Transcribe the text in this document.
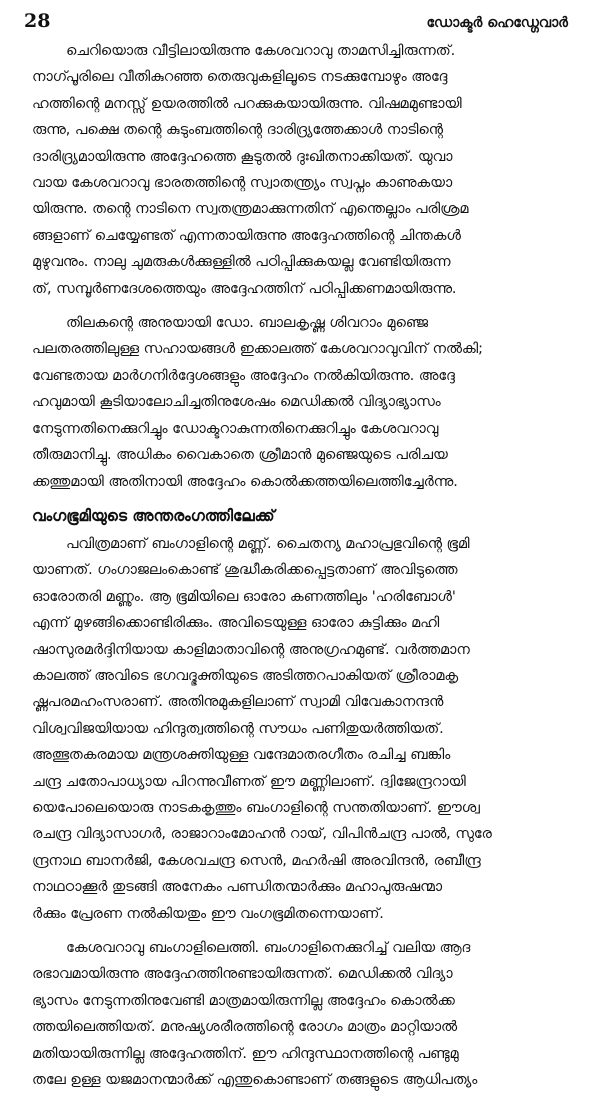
28	ഡോക്ടർ ഹെഡ്ഗേവാർ
ചെറിയൊരു വീട്ടിലായിരുന്നു കേശവറാവു താമസിച്ചിരുന്നത്.
നാഗ്പൂരിലെ വീതികുറഞ്ഞ തെരുവുകളിലൂടെ നടക്കുമ്പോഴും അദ്ദേ
ഹത്തിന്റെ മനസ്സ് ഉയരത്തിൽ പറക്കുകയായിരുന്നു. വിഷമമുണ്ടായി
രുന്നു, പക്ഷെ തന്റെ കുടുംബത്തിന്റെ ദാരിദ്ര്യത്തേക്കാൾ നാടിന്റെ
ദാരിദ്ര്യമായിരുന്നു അദ്ദേഹത്തെ കൂടുതൽ ദുഃഖിതനാക്കിയത്. യുവാ
വായ കേശവറാവു ഭാരതത്തിന്റെ സ്വാതന്ത്ര്യം സ്വപ്നം കാണുകയാ
യിരുന്നു. തന്റെ നാടിനെ സ്വതന്ത്രമാക്കുന്നതിന് എന്തെല്ലാം പരിശ്രമ
ങ്ങളാണ് ചെയ്യേണ്ടത് എന്നതായിരുന്നു അദ്ദേഹത്തിന്റെ ചിന്തകൾ
മുഴുവനും. നാലു ചുമരുകൾക്കുള്ളിൽ പഠിപ്പിക്കുകയല്ല വേണ്ടിയിരുന്ന
ത്, സമ്പൂർണദേശത്തെയും അദ്ദേഹത്തിന് പഠിപ്പിക്കണമായിരുന്നു.
തിലകന്റെ അനുയായി ഡോ. ബാലകൃഷ്ണ ശിവറാം മുഞ്ജെ
പലതരത്തിലുള്ള സഹായങ്ങൾ ഇക്കാലത്ത് കേശവറാവുവിന് നൽകി;
വേണ്ടതായ മാർഗനിർദ്ദേശങ്ങളും അദ്ദേഹം നൽകിയിരുന്നു. അദ്ദേ
ഹവുമായി കൂടിയാലോചിച്ചതിനുശേഷം മെഡിക്കൽ വിദ്യാഭ്യാസം
നേടുന്നതിനെക്കുറിച്ചും ഡോക്ടറാകുന്നതിനെക്കുറിച്ചും കേശവറാവു
തീരുമാനിച്ചു. അധികം വൈകാതെ ശ്രീമാൻ മുഞ്ജെയുടെ പരിചയ
ക്കത്തുമായി അതിനായി അദ്ദേഹം കൊൽക്കത്തയിലെത്തിച്ചേർന്നു.
വംഗഭൂമിയുടെ അന്തരംഗത്തിലേക്ക്
പവിത്രമാണ് ബംഗാളിന്റെ മണ്ണ്. ചൈതന്യ മഹാപ്രഭുവിന്റെ ഭൂമി
യാണത്. ഗംഗാജലംകൊണ്ട് ശുദ്ധീകരിക്കപ്പെട്ടതാണ് അവിടുത്തെ
ഓരോതരി മണ്ണും. ആ ഭൂമിയിലെ ഓരോ കണത്തിലും 'ഹരിബോൾ'
എന്ന് മുഴങ്ങിക്കൊണ്ടിരിക്കും. അവിടെയുള്ള ഓരോ കുട്ടിക്കും മഹി
ഷാസുരമർദ്ദിനിയായ കാളിമാതാവിന്റെ അനുഗ്രഹമുണ്ട്. വർത്തമാന
കാലത്ത് അവിടെ ഭഗവദ്ഭക്തിയുടെ അടിത്തറപാകിയത് ശ്രീരാമകൃ
ഷ്ണപരമഹംസരാണ്. അതിനുമുകളിലാണ് സ്വാമി വിവേകാനന്ദൻ
വിശ്വവിജയിയായ ഹിന്ദുത്വത്തിന്റെ സൗധം പണിതുയർത്തിയത്.
അത്ഭുതകരമായ മന്ത്രശക്തിയുള്ള വന്ദേമാതരഗീതം രചിച്ച ബങ്കിം
ചന്ദ്ര ചതോപാധ്യായ പിറന്നുവീണത് ഈ മണ്ണിലാണ്. ദ്വിജേന്ദ്രറായി
യെപോലെയൊരു നാടകകൃത്തും ബംഗാളിന്റെ സന്തതിയാണ്. ഈശ്വ
രചന്ദ്ര വിദ്യാസാഗർ, രാജാറാംമോഹൻ റായ്, വിപിൻചന്ദ്ര പാൽ, സുരേ
ന്ദ്രനാഥ ബാനർജി, കേശവചന്ദ്ര സെൻ, മഹർഷി അരവിന്ദൻ, രബീന്ദ്ര
നാഥഠാക്കൂർ തുടങ്ങി അനേകം പണ്ഡിതന്മാർക്കും മഹാപുരുഷന്മാ
ർക്കും പ്രേരണ നൽകിയതും ഈ വംഗഭൂമിതന്നെയാണ്.
കേശവറാവു ബംഗാളിലെത്തി. ബംഗാളിനെക്കുറിച്ച് വലിയ ആദ
രഭാവമായിരുന്നു അദ്ദേഹത്തിനുണ്ടായിരുന്നത്. മെഡിക്കൽ വിദ്യാ
ഭ്യാസം നേടുന്നതിനുവേണ്ടി മാത്രമായിരുന്നില്ല അദ്ദേഹം കൊൽക്ക
ത്തയിലെത്തിയത്. മനുഷ്യശരീരത്തിന്റെ രോഗം മാത്രം മാറ്റിയാൽ
മതിയായിരുന്നില്ല അദ്ദേഹത്തിന്. ഈ ഹിന്ദുസ്ഥാനത്തിന്റെ പണ്ടുമു
തലേ ഉള്ള യജമാനന്മാർക്ക് എന്തുകൊണ്ടാണ് തങ്ങളുടെ ആധിപത്യം
